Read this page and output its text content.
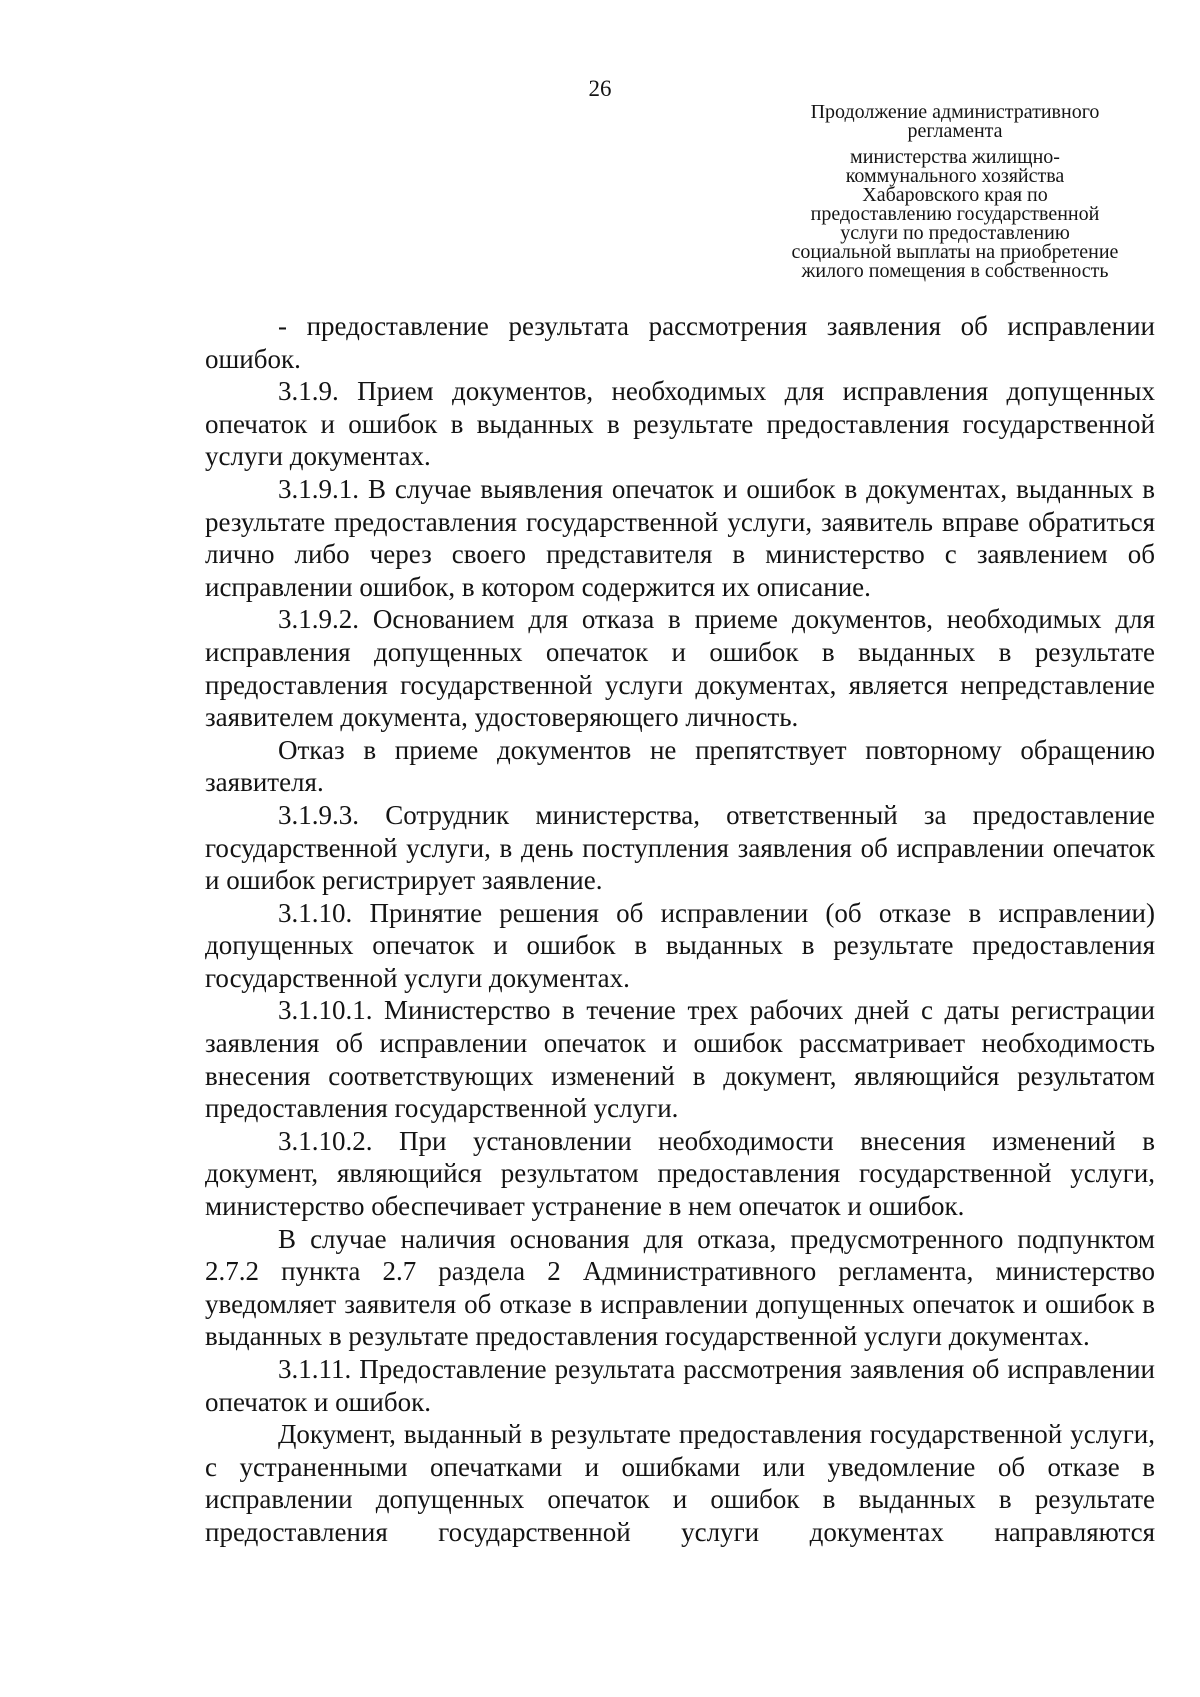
26
Продолжение административного
регламента
министерства жилищно-
коммунального хозяйства
Хабаровского края по
предоставлению государственной
услуги по предоставлению
социальной выплаты на приобретение
жилого помещения в собственность

- предоставление результата рассмотрения заявления об исправлении ошибок.

3.1.9. Прием документов, необходимых для исправления допущенных опечаток и ошибок в выданных в результате предоставления государственной услуги документах.

3.1.9.1. В случае выявления опечаток и ошибок в документах, выданных в результате предоставления государственной услуги, заявитель вправе обратиться лично либо через своего представителя в министерство с заявлением об исправлении ошибок, в котором содержится их описание.

3.1.9.2. Основанием для отказа в приеме документов, необходимых для исправления допущенных опечаток и ошибок в выданных в результате предоставления государственной услуги документах, является непредставление заявителем документа, удостоверяющего личность.

Отказ в приеме документов не препятствует повторному обращению заявителя.

3.1.9.3. Сотрудник министерства, ответственный за предоставление государственной услуги, в день поступления заявления об исправлении опечаток и ошибок регистрирует заявление.

3.1.10. Принятие решения об исправлении (об отказе в исправлении) допущенных опечаток и ошибок в выданных в результате предоставления государственной услуги документах.

3.1.10.1. Министерство в течение трех рабочих дней с даты регистрации заявления об исправлении опечаток и ошибок рассматривает необходимость внесения соответствующих изменений в документ, являющийся результатом предоставления государственной услуги.

3.1.10.2. При установлении необходимости внесения изменений в документ, являющийся результатом предоставления государственной услуги, министерство обеспечивает устранение в нем опечаток и ошибок.

В случае наличия основания для отказа, предусмотренного подпунктом 2.7.2 пункта 2.7 раздела 2 Административного регламента, министерство уведомляет заявителя об отказе в исправлении допущенных опечаток и ошибок в выданных в результате предоставления государственной услуги документах.

3.1.11. Предоставление результата рассмотрения заявления об исправлении опечаток и ошибок.

Документ, выданный в результате предоставления государственной услуги, с устраненными опечатками и ошибками или уведомление об отказе в исправлении допущенных опечаток и ошибок в выданных в результате предоставления государственной услуги документах направляются
